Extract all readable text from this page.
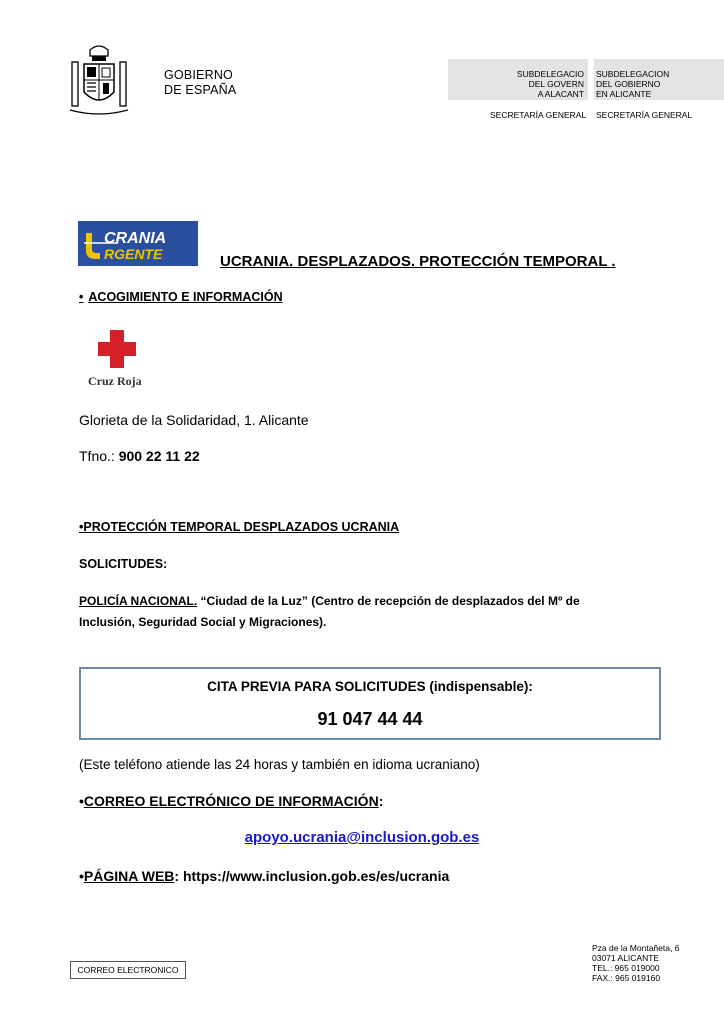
GOBIERNO
DE ESPAÑA
SUBDELEGACIO
DEL GOVERN
A ALACANT
SUBDELEGACION
DEL GOBIERNO
EN ALICANTE
SECRETARÍA GENERAL SECRETARÍA GENERAL
CRANIA
RGENTE	UCRANIA. DESPLAZADOS. PROTECCIÓN TEMPORAL .
• ACOGIMIENTO E INFORMACIÓN
Cruz Roja
Glorieta de la Solidaridad, 1. Alicante
Tfno.: 900 22 11 22
•PROTECCIÓN TEMPORAL DESPLAZADOS UCRANIA
SOLICITUDES:
POLICÍA NACIONAL. “Ciudad de la Luz” (Centro de recepción de desplazados del Mº de
Inclusión, Seguridad Social y Migraciones).
CITA PREVIA PARA SOLICITUDES (indispensable):
91 047 44 44
(Este teléfono atiende las 24 horas y también en idioma ucraniano)
•CORREO ELECTRÓNICO DE INFORMACIÓN:
apoyo.ucrania@inclusion.gob.es
•PÁGINA WEB: https://www.inclusion.gob.es/es/ucrania
Pza de la Montañeta, 6
03071 ALICANTE
TEL.: 965 019000
FAX.: 965 019160
CORREO ELECTRONICO
